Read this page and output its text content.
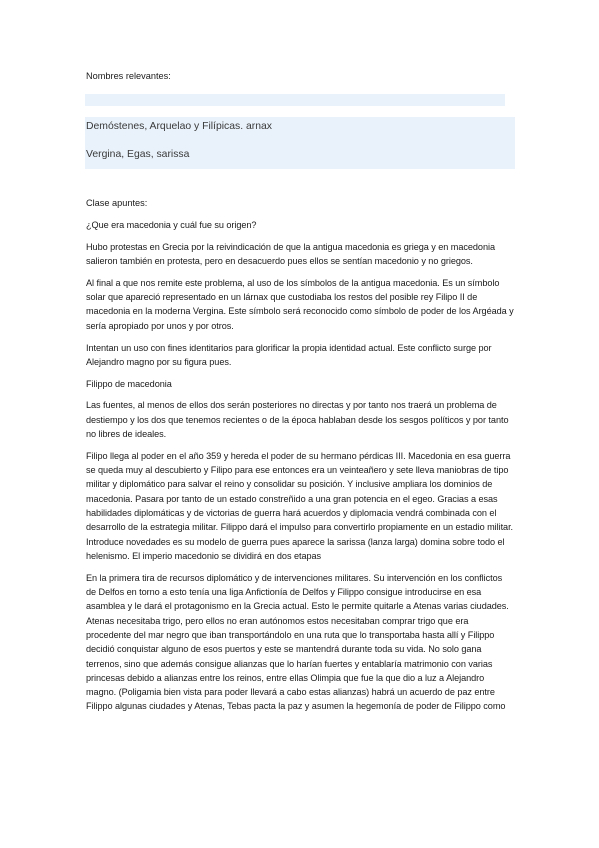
Nombres relevantes:
Demóstenes, Arquelao y Filípicas. arnax
Vergina, Egas, sarissa
Clase apuntes:

¿Que era macedonia y cuál fue su origen?

Hubo protestas en Grecia por la reivindicación de que la antigua macedonia es griega y en macedonia salieron también en protesta, pero en desacuerdo pues ellos se sentían macedonio y no griegos.

Al final a que nos remite este problema, al uso de los símbolos de la antigua macedonia. Es un símbolo solar que apareció representado en un lárnax que custodiaba los restos del posible rey Filipo II de macedonia en la moderna Vergina. Este símbolo será reconocido como símbolo de poder de los Argéada y sería apropiado por unos y por otros.

Intentan un uso con fines identitarios para glorificar la propia identidad actual. Este conflicto surge por Alejandro magno por su figura pues.

Filippo de macedonia

Las fuentes, al menos de ellos dos serán posteriores no directas y por tanto nos traerá un problema de destiempo y los dos que tenemos recientes o de la época hablaban desde los sesgos políticos y por tanto no libres de ideales.

Filipo llega al poder en el año 359 y hereda el poder de su hermano pérdicas III. Macedonia en esa guerra se queda muy al descubierto y Filipo para ese entonces era un veinteañero y sete lleva maniobras de tipo militar y diplomático para salvar el reino y consolidar su posición. Y inclusive ampliara los dominios de macedonia. Pasara por tanto de un estado constreñido a una gran potencia en el egeo. Gracias a esas habilidades diplomáticas y de victorias de guerra hará acuerdos y diplomacia vendrá combinada con el desarrollo de la estrategia militar. Filippo dará el impulso para convertirlo propiamente en un estadio militar. Introduce novedades es su modelo de guerra pues aparece la sarissa (lanza larga) domina sobre todo el helenismo. El imperio macedonio se dividirá en dos etapas

En la primera tira de recursos diplomático y de intervenciones militares. Su intervención en los conflictos de Delfos en torno a esto tenía una liga Anfictionía de Delfos y Filippo consigue introducirse en esa asamblea y le dará el protagonismo en la Grecia actual. Esto le permite quitarle a Atenas varias ciudades. Atenas necesitaba trigo, pero ellos no eran autónomos estos necesitaban comprar trigo que era procedente del mar negro que iban transportándolo en una ruta que lo transportaba hasta allí y Filippo decidió conquistar alguno de esos puertos y este se mantendrá durante toda su vida. No solo gana terrenos, sino que además consigue alianzas que lo harían fuertes y entablaría matrimonio con varias princesas debido a alianzas entre los reinos, entre ellas Olimpia que fue la que dio a luz a Alejandro magno. (Poligamia bien vista para poder llevará a cabo estas alianzas) habrá un acuerdo de paz entre Filippo algunas ciudades y Atenas, Tebas pacta la paz y asumen la hegemonía de poder de Filippo como
